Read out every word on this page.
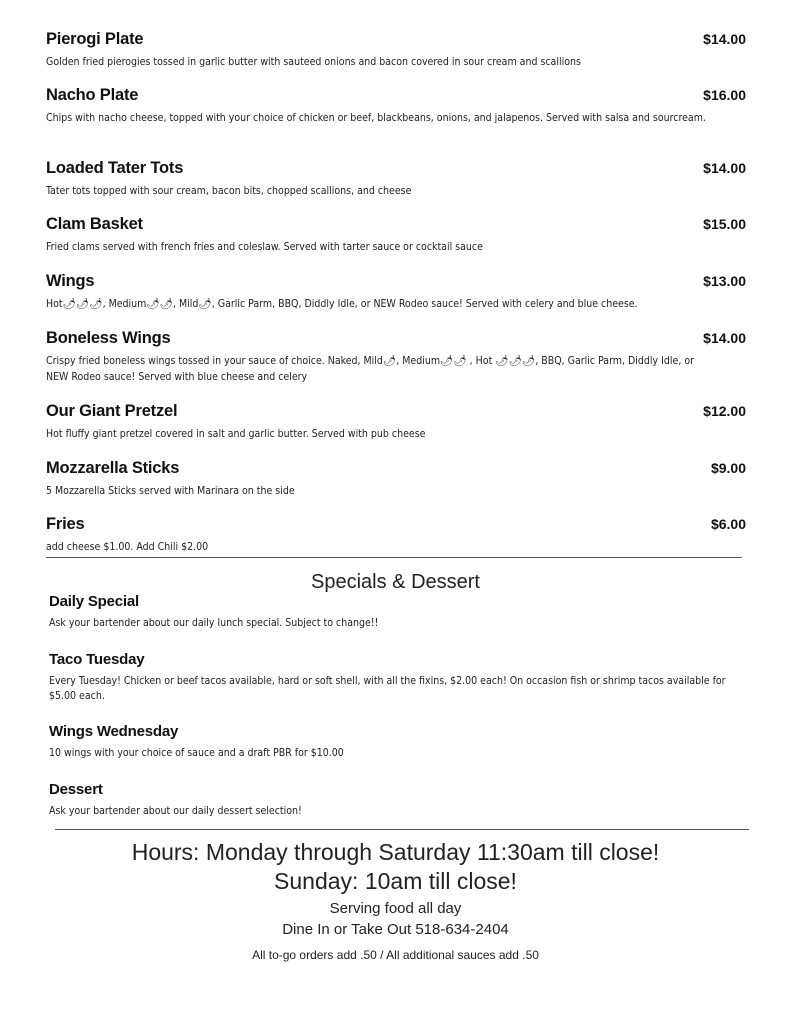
Pierogi Plate	$14.00
Golden fried pierogies tossed in garlic butter with sauteed onions and bacon covered in sour cream and scallions
Nacho Plate	$16.00
Chips with nacho cheese, topped with your choice of chicken or beef, blackbeans, onions, and jalapenos. Served with salsa and sourcream.
Loaded Tater Tots	$14.00
Tater tots topped with sour cream, bacon bits, chopped scallions, and cheese
Clam Basket	$15.00
Fried clams served with french fries and coleslaw. Served with tarter sauce or cocktail sauce
Wings	$13.00
Hot🌶🌶🌶, Medium🌶🌶, Mild🌶, Garlic Parm, BBQ, Diddly Idle, or NEW Rodeo sauce! Served with celery and blue cheese.
Boneless Wings	$14.00
Crispy fried boneless wings tossed in your sauce of choice. Naked, Mild🌶, Medium🌶🌶 , Hot 🌶🌶🌶, BBQ, Garlic Parm, Diddly Idle, or NEW Rodeo sauce! Served with blue cheese and celery
Our Giant Pretzel	$12.00
Hot fluffy giant pretzel covered in salt and garlic butter. Served with pub cheese
Mozzarella Sticks	$9.00
5 Mozzarella Sticks served with Marinara on the side
Fries	$6.00
add cheese $1.00. Add Chili $2.00
Specials & Dessert
Daily Special
Ask your bartender about our daily lunch special. Subject to change!!
Taco Tuesday
Every Tuesday! Chicken or beef tacos available, hard or soft shell, with all the fixins, $2.00 each! On occasion fish or shrimp tacos available for $5.00 each.
Wings Wednesday
10 wings with your choice of sauce and a draft PBR for $10.00
Dessert
Ask your bartender about our daily dessert selection!
Hours: Monday through Saturday 11:30am till close!
Sunday: 10am till close!
Serving food all day
Dine In or Take Out 518-634-2404
All to-go orders add .50 / All additional sauces add .50
